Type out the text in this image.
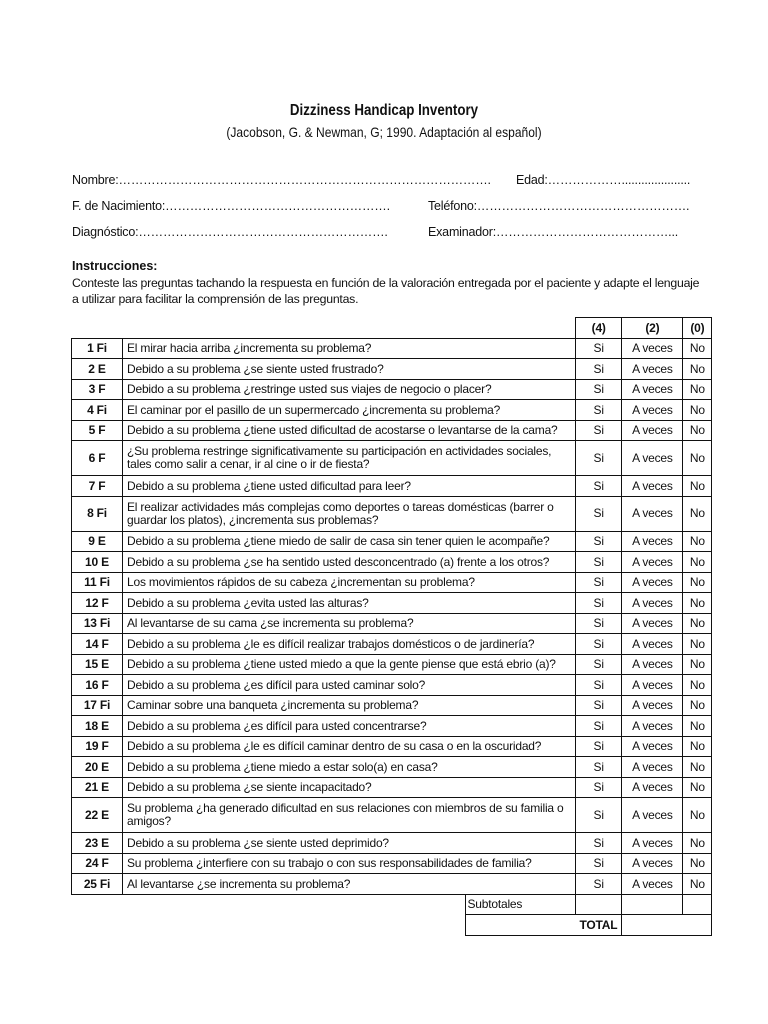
Dizziness Handicap Inventory
(Jacobson, G. & Newman, G; 1990. Adaptación al español)
Nombre:………………………………………………………………………………. Edad:……………….....................
F. de Nacimiento:……………………………………………….	Teléfono:…………………………………………….
Diagnóstico:…………………………………………………….	Examinador:……………………………………...
Instrucciones:
Conteste las preguntas tachando la respuesta en función de la valoración entregada por el paciente y adapte el lenguaje a utilizar para facilitar la comprensión de las preguntas.
		(4)	(2)	(0)
1 Fi	El mirar hacia arriba ¿incrementa su problema?	Si	A veces	No
2 E	Debido a su problema ¿se siente usted frustrado?	Si	A veces	No
3 F	Debido a su problema ¿restringe usted sus viajes de negocio o placer?	Si	A veces	No
4 Fi	El caminar por el pasillo de un supermercado ¿incrementa su problema?	Si	A veces	No
5 F	Debido a su problema ¿tiene usted dificultad de acostarse o levantarse de la cama?	Si	A veces	No
6 F	¿Su problema restringe significativamente su participación en actividades sociales, tales como salir a cenar, ir al cine o ir de fiesta?	Si	A veces	No
7 F	Debido a su problema ¿tiene usted dificultad para leer?	Si	A veces	No
8 Fi	El realizar actividades más complejas como deportes o tareas domésticas (barrer o guardar los platos), ¿incrementa sus problemas?	Si	A veces	No
9 E	Debido a su problema ¿tiene miedo de salir de casa sin tener quien le acompañe?	Si	A veces	No
10 E	Debido a su problema ¿se ha sentido usted desconcentrado (a) frente a los otros?	Si	A veces	No
11 Fi	Los movimientos rápidos de su cabeza ¿incrementan su problema?	Si	A veces	No
12 F	Debido a su problema ¿evita usted las alturas?	Si	A veces	No
13 Fi	Al levantarse de su cama ¿se incrementa su problema?	Si	A veces	No
14 F	Debido a su problema ¿le es difícil realizar trabajos domésticos o de jardinería?	Si	A veces	No
15 E	Debido a su problema ¿tiene usted miedo a que la gente piense que está ebrio (a)?	Si	A veces	No
16 F	Debido a su problema ¿es difícil para usted caminar solo?	Si	A veces	No
17 Fi	Caminar sobre una banqueta ¿incrementa su problema?	Si	A veces	No
18 E	Debido a su problema ¿es difícil para usted concentrarse?	Si	A veces	No
19 F	Debido a su problema ¿le es difícil caminar dentro de su casa o en la oscuridad?	Si	A veces	No
20 E	Debido a su problema ¿tiene miedo a estar solo(a) en casa?	Si	A veces	No
21 E	Debido a su problema ¿se siente incapacitado?	Si	A veces	No
22 E	Su problema ¿ha generado dificultad en sus relaciones con miembros de su familia o amigos?	Si	A veces	No
23 E	Debido a su problema ¿se siente usted deprimido?	Si	A veces	No
24 F	Su problema ¿interfiere con su trabajo o con sus responsabilidades de familia?	Si	A veces	No
25 Fi	Al levantarse ¿se incrementa su problema?	Si	A veces	No

	Subtotales			

	TOTAL		
